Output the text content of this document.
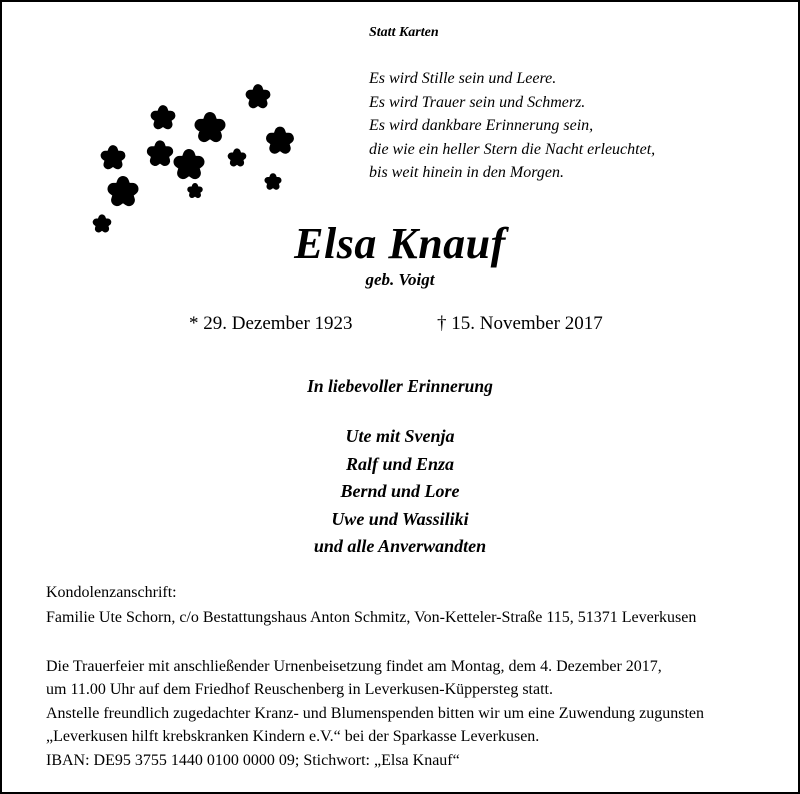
Statt Karten
Es wird Stille sein und Leere.
Es wird Trauer sein und Schmerz.
Es wird dankbare Erinnerung sein,
die wie ein heller Stern die Nacht erleuchtet,
bis weit hinein in den Morgen.
Elsa Knauf
geb. Voigt
* 29. Dezember 1923	† 15. November 2017
In liebevoller Erinnerung
Ute mit Svenja
Ralf und Enza
Bernd und Lore
Uwe und Wassiliki
und alle Anverwandten
Kondolenzanschrift:
Familie Ute Schorn, c/o Bestattungshaus Anton Schmitz, Von-Ketteler-Straße 115, 51371 Leverkusen
Die Trauerfeier mit anschließender Urnenbeisetzung findet am Montag, dem 4. Dezember 2017,
um 11.00 Uhr auf dem Friedhof Reuschenberg in Leverkusen-Küppersteg statt.
Anstelle freundlich zugedachter Kranz- und Blumenspenden bitten wir um eine Zuwendung zugunsten
„Leverkusen hilft krebskranken Kindern e.V.“ bei der Sparkasse Leverkusen.
IBAN: DE95 3755 1440 0100 0000 09; Stichwort: „Elsa Knauf“
